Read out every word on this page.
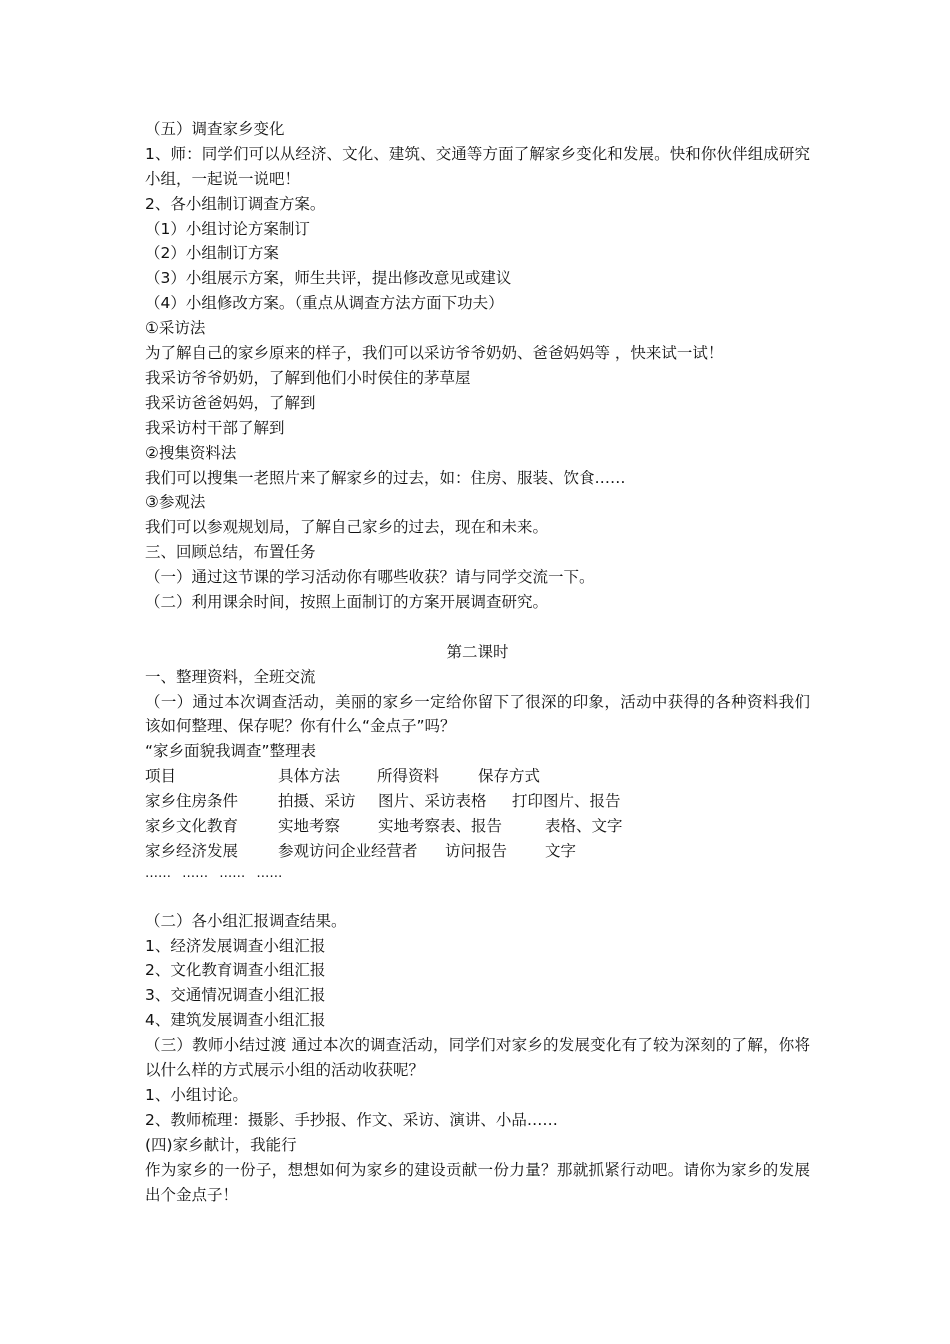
（五）调查家乡变化

1、师：同学们可以从经济、文化、建筑、交通等方面了解家乡变化和发展。快和你伙伴组成研究小组，一起说一说吧！

2、各小组制订调查方案。

（1）小组讨论方案制订

（2）小组制订方案

（3）小组展示方案，师生共评，提出修改意见或建议

（4）小组修改方案。（重点从调查方法方面下功夫）

①采访法

为了解自己的家乡原来的样子，我们可以采访爷爷奶奶、爸爸妈妈等 ，快来试一试！

我采访爷爷奶奶，了解到他们小时侯住的茅草屋

我采访爸爸妈妈，了解到

我采访村干部了解到

②搜集资料法

我们可以搜集一老照片来了解家乡的过去，如：住房、服装、饮食……

③参观法

我们可以参观规划局，了解自己家乡的过去，现在和未来。

三、回顾总结，布置任务

（一）通过这节课的学习活动你有哪些收获？请与同学交流一下。

（二）利用课余时间，按照上面制订的方案开展调查研究。

第二课时

一、整理资料，全班交流

（一）通过本次调查活动，美丽的家乡一定给你留下了很深的印象，活动中获得的各种资料我们该如何整理、保存呢？你有什么“金点子”吗？

“家乡面貌我调查”整理表

项目	具体方法	所得资料	保存方式
家乡住房条件	拍摄、采访	图片、采访表格	打印图片、报告
家乡文化教育	实地考察	实地考察表、报告	表格、文字
家乡经济发展	参观访问企业经营者	访问报告	文字
…… …… …… ……

（二）各小组汇报调查结果。

1、经济发展调查小组汇报

2、文化教育调查小组汇报

3、交通情况调查小组汇报

4、建筑发展调查小组汇报

（三）教师小结过渡 通过本次的调查活动，同学们对家乡的发展变化有了较为深刻的了解，你将以什么样的方式展示小组的活动收获呢？

1、小组讨论。

2、教师梳理：摄影、手抄报、作文、采访、演讲、小品……

(四)家乡献计，我能行

作为家乡的一份子，想想如何为家乡的建设贡献一份力量？那就抓紧行动吧。请你为家乡的发展出个金点子！
